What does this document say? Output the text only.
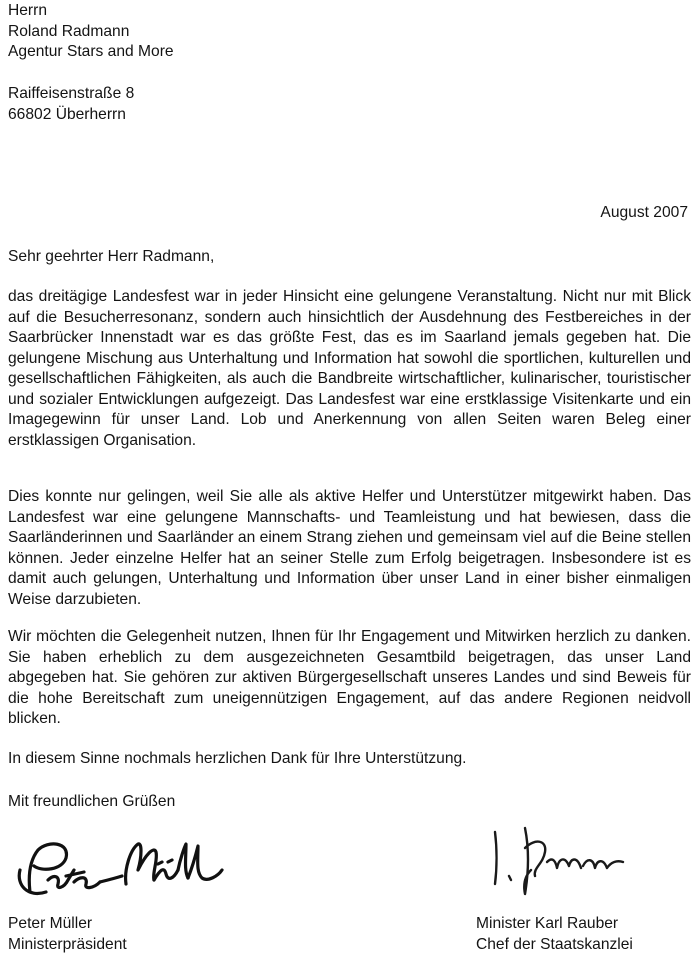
Herrn
Roland Radmann
Agentur Stars and More
Raiffeisenstraße 8
66802 Überherrn
August 2007
Sehr geehrter Herr Radmann,

das dreitägige Landesfest war in jeder Hinsicht eine gelungene Veranstaltung. Nicht nur mit Blick auf die Besucherresonanz, sondern auch hinsichtlich der Ausdehnung des Festbereiches in der Saarbrücker Innenstadt war es das größte Fest, das es im Saarland jemals gegeben hat. Die gelungene Mischung aus Unterhaltung und Information hat sowohl die sportlichen, kulturellen und gesellschaftlichen Fähigkeiten, als auch die Bandbreite wirtschaftlicher, kulinarischer, touristischer und sozialer Entwicklungen aufgezeigt. Das Landesfest war eine erstklassige Visitenkarte und ein Imagegewinn für unser Land. Lob und Anerkennung von allen Seiten waren Beleg einer erstklassigen Organisation.

Dies konnte nur gelingen, weil Sie alle als aktive Helfer und Unterstützer mitgewirkt haben. Das Landesfest war eine gelungene Mannschafts- und Teamleistung und hat bewiesen, dass die Saarländerinnen und Saarländer an einem Strang ziehen und gemeinsam viel auf die Beine stellen können. Jeder einzelne Helfer hat an seiner Stelle zum Erfolg beigetragen. Insbesondere ist es damit auch gelungen, Unterhaltung und Information über unser Land in einer bisher einmaligen Weise darzubieten.

Wir möchten die Gelegenheit nutzen, Ihnen für Ihr Engagement und Mitwirken herzlich zu danken. Sie haben erheblich zu dem ausgezeichneten Gesamtbild beigetragen, das unser Land abgegeben hat. Sie gehören zur aktiven Bürgergesellschaft unseres Landes und sind Beweis für die hohe Bereitschaft zum uneigennützigen Engagement, auf das andere Regionen neidvoll blicken.

In diesem Sinne nochmals herzlichen Dank für Ihre Unterstützung.

Mit freundlichen Grüßen
Peter Müller
Ministerpräsident
Minister Karl Rauber
Chef der Staatskanzlei
